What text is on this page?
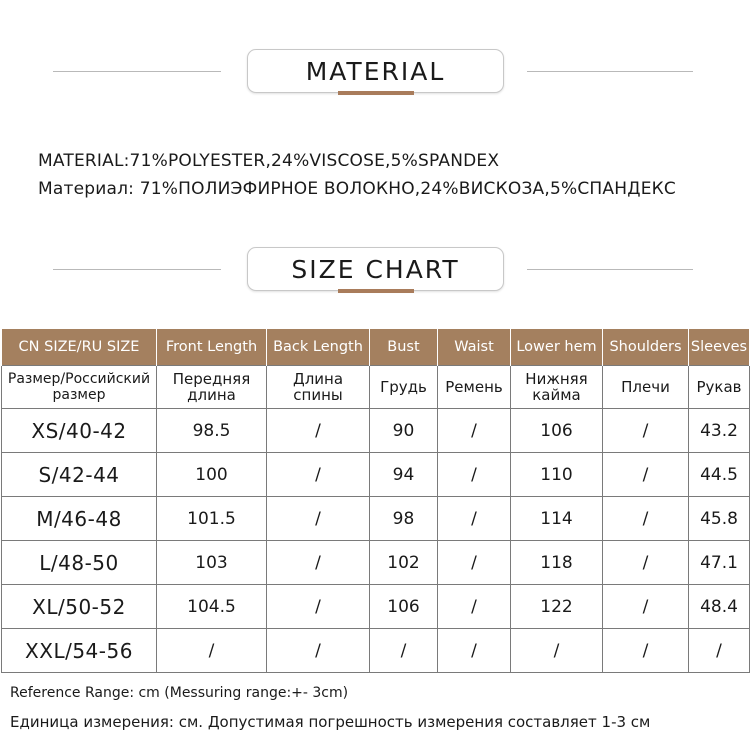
MATERIAL
MATERIAL:71%POLYESTER,24%VISCOSE,5%SPANDEX
Материал: 71%ПОЛИЭФИРНОЕ ВОЛОКНО,24%ВИСКОЗА,5%СПАНДЕКС
SIZE CHART
CN SIZE/RU SIZE	Front Length	Back Length	Bust	Waist	Lower hem	Shoulders	Sleeves
Размер/Российский размер	Передняя длина	Длина спины	Грудь	Ремень	Нижняя кайма	Плечи	Рукав
XS/40-42	98.5	/	90	/	106	/	43.2
S/42-44	100	/	94	/	110	/	44.5
M/46-48	101.5	/	98	/	114	/	45.8
L/48-50	103	/	102	/	118	/	47.1
XL/50-52	104.5	/	106	/	122	/	48.4
XXL/54-56	/	/	/	/	/	/	/
Reference Range: cm (Messuring range:+- 3cm)
Единица измерения: см. Допустимая погрешность измерения составляет 1-3 см
